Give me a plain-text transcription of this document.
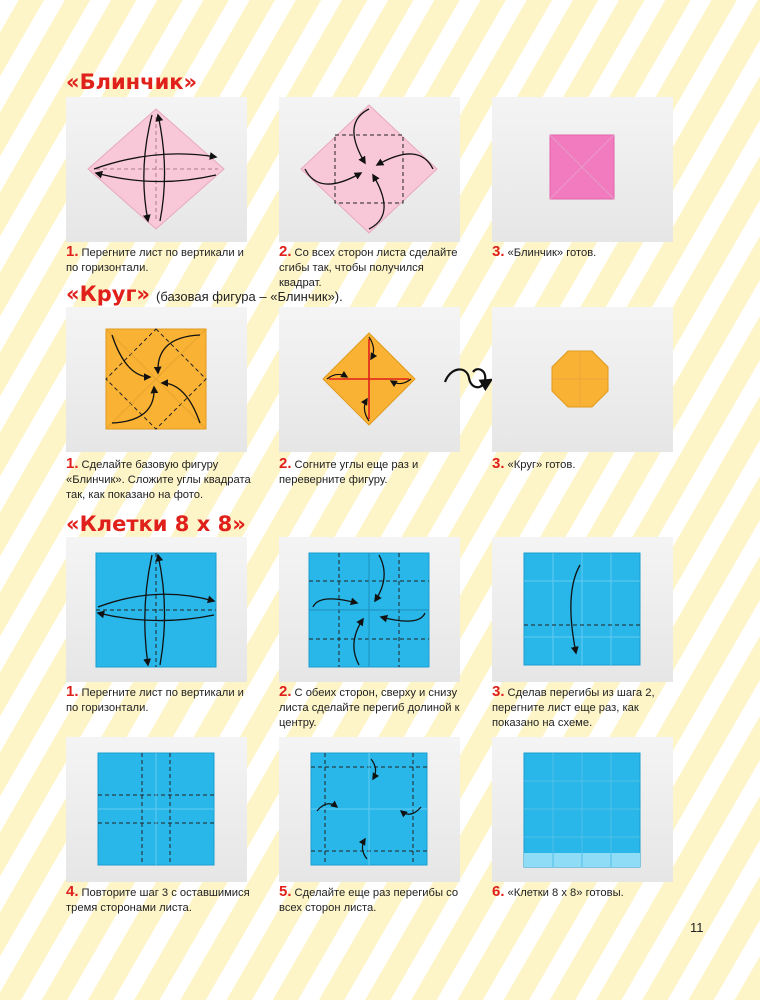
«Блинчик»

1. Перегните лист по вертикали и по горизонтали.

2. Со всех сторон листа сделайте сгибы так, чтобы получился квадрат.

3. «Блинчик» готов.

«Круг» (базовая фигура – «Блинчик»).

1. Сделайте базовую фигуру «Блинчик». Сложите углы квадрата так, как показано на фото.

2. Согните углы еще раз и переверните фигуру.

3. «Круг» готов.

«Клетки 8 х 8»

1. Перегните лист по вертикали и по горизонтали.

2. С обеих сторон, сверху и снизу листа сделайте перегиб долиной к центру.

3. Сделав перегибы из шага 2, перегните лист еще раз, как показано на схеме.

4. Повторите шаг 3 с оставшимися тремя сторонами листа.

5. Сделайте еще раз перегибы со всех сторон листа.

6. «Клетки 8 х 8» готовы.

11
